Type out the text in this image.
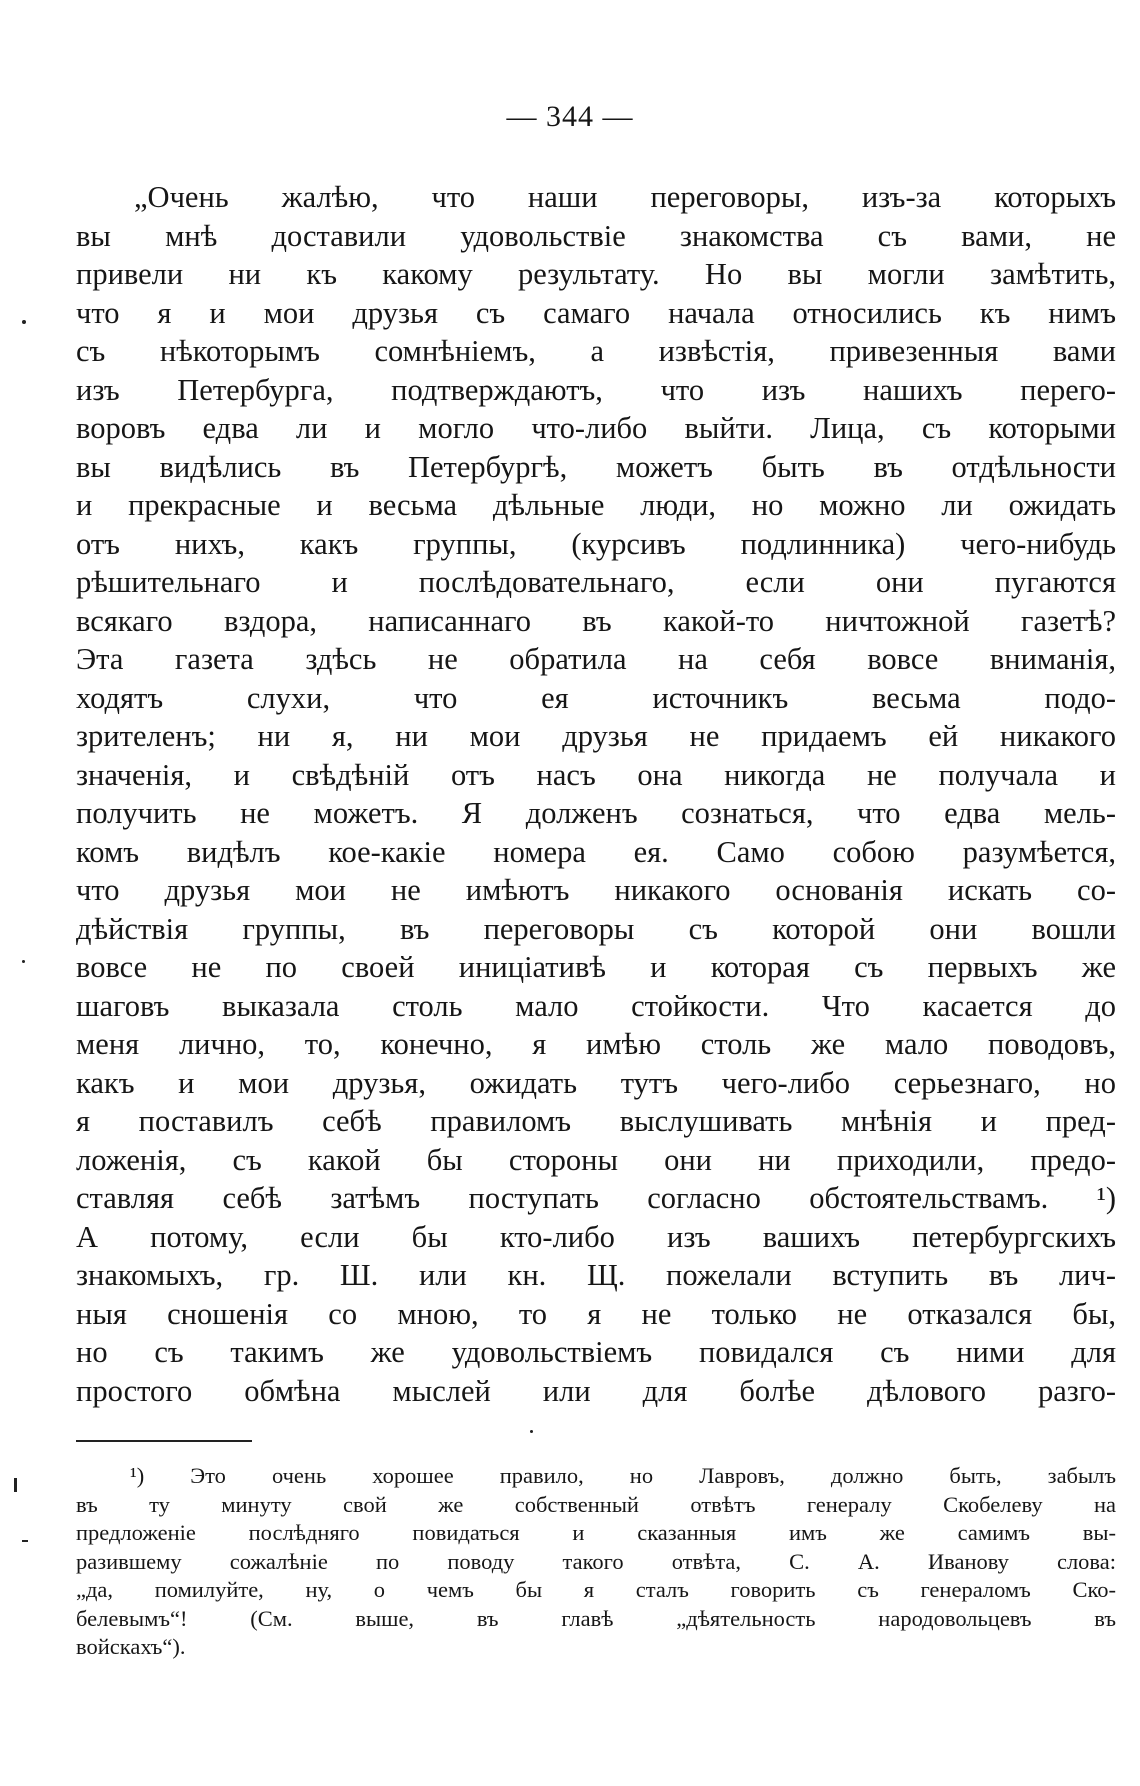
— 344 —
„Очень жалѣю, что наши переговоры, изъ-за которыхъ
вы мнѣ доставили удовольствіе знакомства съ вами, не
привели ни къ какому результату. Но вы могли замѣтить,
что я и мои друзья съ самаго начала относились къ нимъ
съ нѣкоторымъ сомнѣніемъ, а извѣстія, привезенныя вами
изъ Петербурга, подтверждаютъ, что изъ нашихъ перего-
воровъ едва ли и могло что-либо выйти. Лица, съ которыми
вы видѣлись въ Петербургѣ, можетъ быть въ отдѣльности
и прекрасные и весьма дѣльные люди, но можно ли ожидать
отъ нихъ, какъ группы, (курсивъ подлинника) чего-нибудь
рѣшительнаго и послѣдовательнаго, если они пугаются
всякаго вздора, написаннаго въ какой-то ничтожной газетѣ?
Эта газета здѣсь не обратила на себя вовсе вниманія,
ходятъ слухи, что ея источникъ весьма подо-
зрителенъ; ни я, ни мои друзья не придаемъ ей никакого
значенія, и свѣдѣній отъ насъ она никогда не получала и
получить не можетъ. Я долженъ сознаться, что едва мель-
комъ видѣлъ кое-какіе номера ея. Само собою разумѣется,
что друзья мои не имѣютъ никакого основанія искать со-
дѣйствія группы, въ переговоры съ которой они вошли
вовсе не по своей иниціативѣ и которая съ первыхъ же
шаговъ выказала столь мало стойкости. Что касается до
меня лично, то, конечно, я имѣю столь же мало поводовъ,
какъ и мои друзья, ожидать тутъ чего-либо серьезнаго, но
я поставилъ себѣ правиломъ выслушивать мнѣнія и пред-
ложенія, съ какой бы стороны они ни приходили, предо-
ставляя себѣ затѣмъ поступать согласно обстоятельствамъ. ¹)
А потому, если бы кто-либо изъ вашихъ петербургскихъ
знакомыхъ, гр. Ш. или кн. Щ. пожелали вступить въ лич-
ныя сношенія со мною, то я не только не отказался бы,
но съ такимъ же удовольствіемъ повидался съ ними для
простого обмѣна мыслей или для болѣе дѣлового разго-
¹) Это очень хорошее правило, но Лавровъ, должно быть, забылъ
въ ту минуту свой же собственный отвѣтъ генералу Скобелеву на
предложеніе послѣдняго повидаться и сказанныя имъ же самимъ вы-
разившему сожалѣніе по поводу такого отвѣта, С. А. Иванову слова:
„да, помилуйте, ну, о чемъ бы я сталъ говорить съ генераломъ Ско-
белевымъ“! (См. выше, въ главѣ „дѣятельность народовольцевъ въ
войскахъ“).
